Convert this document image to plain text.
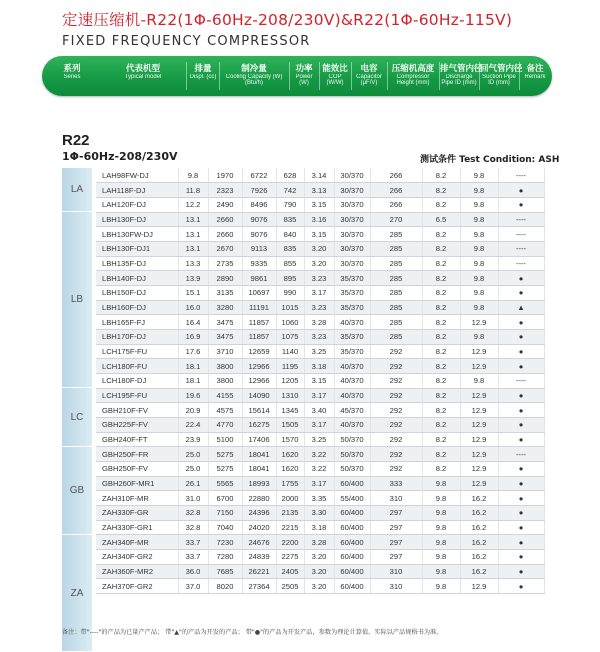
定速压缩机-R22(1Φ-60Hz-208/230V)&R22(1Φ-60Hz-115V)
FIXED FREQUENCY COMPRESSOR
系列
Series
代表机型
Typical model
排量
Displ. (cc)
制冷量
Cooling Capacity (W) (Btu/h)
功率
Power (W)
能效比
COP (W/W)
电容
Capacitor (μF/V)
压缩机高度
Compressor Height (mm)
排气管内径
Discharge Pipe ID (mm)
回气管内径
Suction Pipe ID (mm)
备注
Remark
R22
1Φ-60Hz-208/230V	测试条件 Test Condition: ASH
LA
LB
LC
GB
ZA
LAH98FW-DJ	9.8	1970	6722	628	3.14	30/370	266	8.2	9.8	----
LAH118F-DJ	11.8	2323	7926	742	3.13	30/370	266	8.2	9.8	●
LAH120F-DJ	12.2	2490	8496	790	3.15	30/370	266	8.2	9.8	●
LBH130F-DJ	13.1	2660	9076	835	3.16	30/370	270	6.5	9.8	----
LBH130FW-DJ	13.1	2660	9076	840	3.15	30/370	285	8.2	9.8	----
LBH130F-DJ1	13.1	2670	9113	835	3.20	30/370	285	8.2	9.8	----
LBH135F-DJ	13.3	2735	9335	855	3.20	30/370	285	8.2	9.8	----
LBH140F-DJ	13.9	2890	9861	895	3.23	35/370	285	8.2	9.8	●
LBH150F-DJ	15.1	3135	10697	990	3.17	35/370	285	8.2	9.8	●
LBH160F-DJ	16.0	3280	11191	1015	3.23	35/370	285	8.2	9.8	▲
LBH165F-FJ	16.4	3475	11857	1060	3.28	40/370	285	8.2	12.9	●
LBH170F-DJ	16.9	3475	11857	1075	3.23	35/370	285	8.2	9.8	●
LCH175F-FU	17.6	3710	12659	1140	3.25	35/370	292	8.2	12.9	●
LCH180F-FU	18.1	3800	12966	1195	3.18	40/370	292	8.2	12.9	●
LCH180F-DJ	18.1	3800	12966	1205	3.15	40/370	292	8.2	9.8	----
LCH195F-FU	19.6	4155	14090	1310	3.17	40/370	292	8.2	12.9	●
GBH210F-FV	20.9	4575	15614	1345	3.40	45/370	292	8.2	12.9	●
GBH225F-FV	22.4	4770	16275	1505	3.17	40/370	292	8.2	12.9	●
GBH240F-FT	23.9	5100	17406	1570	3.25	50/370	292	8.2	12.9	●
GBH250F-FR	25.0	5275	18041	1620	3.22	50/370	292	8.2	12.9	----
GBH250F-FV	25.0	5275	18041	1620	3.22	50/370	292	8.2	12.9	●
GBH260F-MR1	26.1	5565	18993	1755	3.17	60/400	333	9.8	12.9	●
ZAH310F-MR	31.0	6700	22880	2000	3.35	55/400	310	9.8	16.2	●
ZAH330F-GR	32.8	7150	24396	2135	3.30	60/400	297	9.8	16.2	●
ZAH330F-GR1	32.8	7040	24020	2215	3.18	60/400	297	9.8	16.2	●
ZAH340F-MR	33.7	7230	24676	2200	3.28	60/400	297	9.8	16.2	●
ZAH340F-GR2	33.7	7280	24839	2275	3.20	60/400	297	9.8	16.2	●
ZAH360F-MR2	36.0	7685	26221	2405	3.20	60/400	310	9.8	16.2	●
ZAH370F-GR2	37.0	8020	27364	2505	3.20	60/400	310	9.8	12.9	●
备注：带"----"的产品为已量产产品； 带"▲"的产品为开发的产品； 带"●"的产品为开发产品，参数为理论计算值，实际以产品规格书为准。
